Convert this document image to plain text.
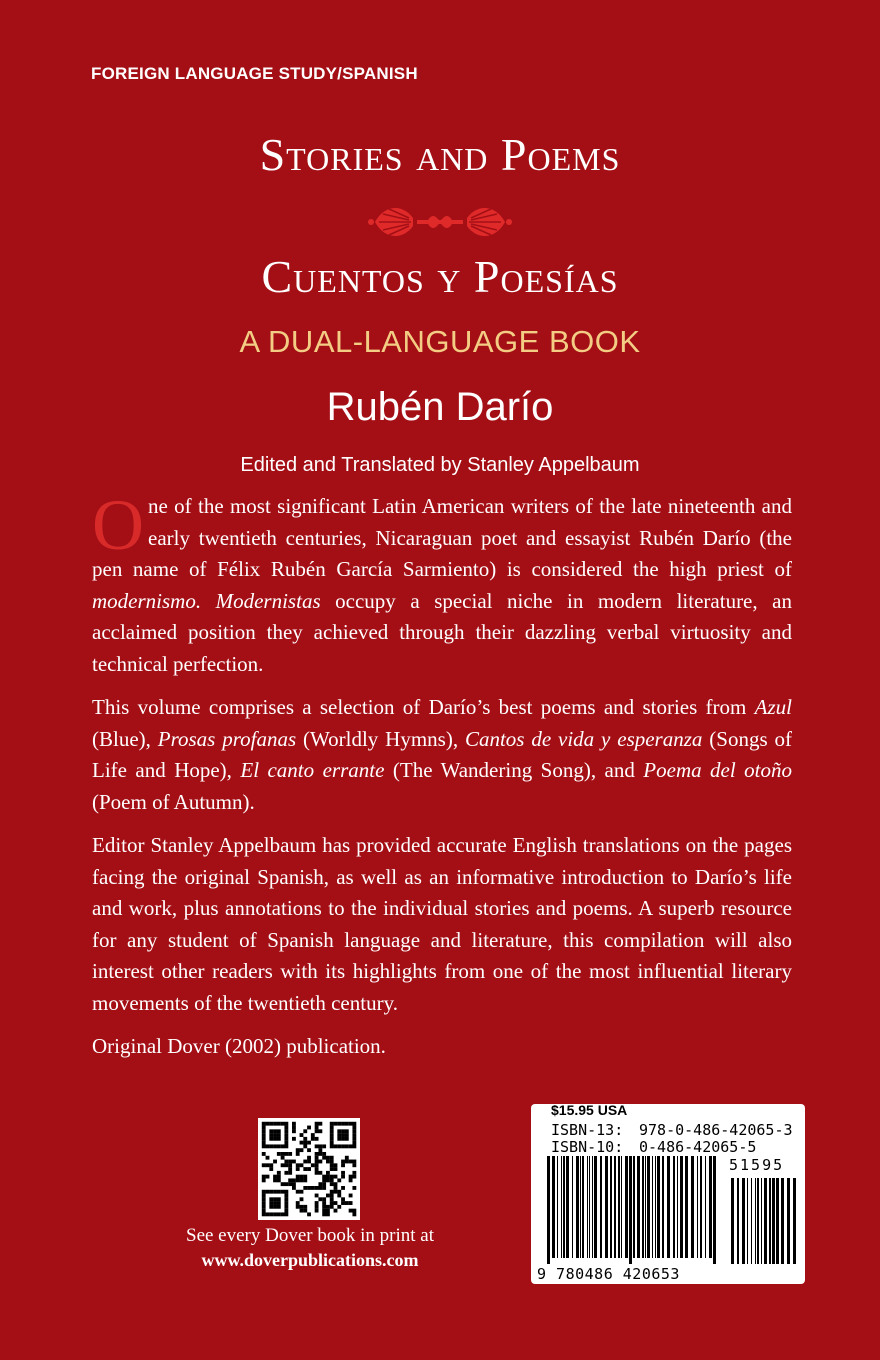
FOREIGN LANGUAGE STUDY/SPANISH
Stories and Poems
Cuentos y Poesías
A DUAL-LANGUAGE BOOK
Rubén Darío
Edited and Translated by Stanley Appelbaum

One of the most significant Latin American writers of the late nineteenth and early twentieth centuries, Nicaraguan poet and essayist Rubén Darío (the pen name of Félix Rubén García Sarmiento) is considered the high priest of modernismo. Modernistas occupy a special niche in modern literature, an acclaimed position they achieved through their dazzling verbal virtuosity and technical perfection.

This volume comprises a selection of Darío’s best poems and stories from Azul (Blue), Prosas profanas (Worldly Hymns), Cantos de vida y esperanza (Songs of Life and Hope), El canto errante (The Wandering Song), and Poema del otoño (Poem of Autumn).

Editor Stanley Appelbaum has provided accurate English translations on the pages facing the original Spanish, as well as an informative introduction to Darío’s life and work, plus annotations to the individual stories and poems. A superb resource for any student of Spanish language and literature, this compilation will also interest other readers with its highlights from one of the most influential literary movements of the twentieth century.

Original Dover (2002) publication.

See every Dover book in print at
www.doverpublications.com
$15.95 USA
ISBN-13: 978-0-486-42065-3
ISBN-10: 0-486-42065-5
51595
9 780486 420653
